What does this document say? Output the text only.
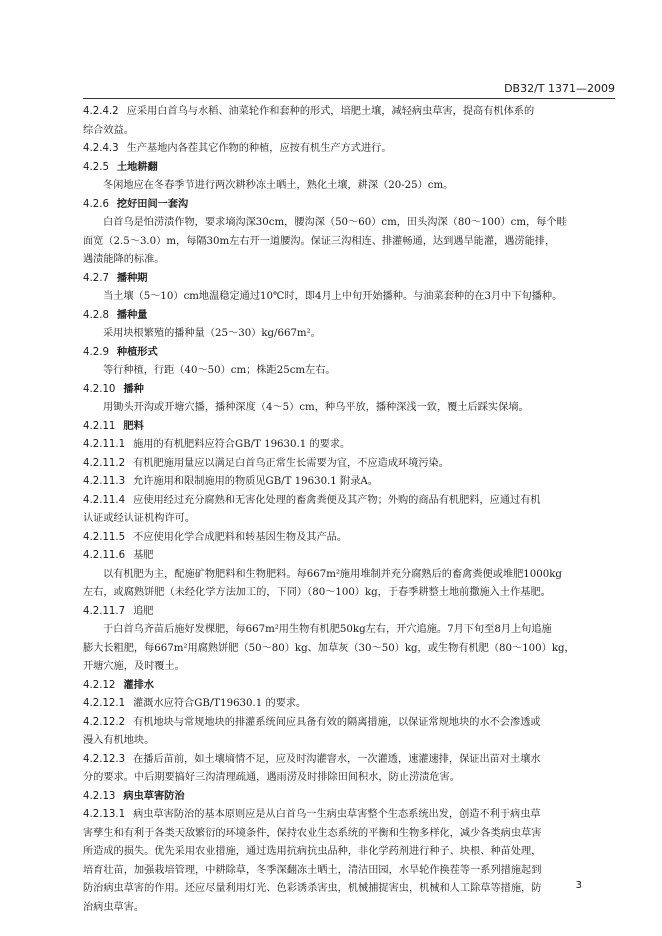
DB32/T 1371—2009
4.2.4.2 应采用白首乌与水稻、油菜轮作和套种的形式，培肥土壤，减轻病虫草害，提高有机体系的
综合效益。
4.2.4.3 生产基地内各茬其它作物的种植，应按有机生产方式进行。
4.2.5 土地耕翻
冬闲地应在冬春季节进行两次耕秒冻土晒土，熟化土壤，耕深（20-25）cm。
4.2.6 挖好田间一套沟
白首乌是怕涝渍作物，要求墒沟深30cm，腰沟深（50～60）cm，田头沟深（80～100）cm，每个畦
面宽（2.5～3.0）m，每隔30m左右开一道腰沟。保证三沟相连、排灌畅通，达到遇旱能灌，遇涝能排，
遇渍能降的标准。
4.2.7 播种期
当土壤（5～10）cm地温稳定通过10℃时，即4月上中旬开始播种。与油菜套种的在3月中下旬播种。
4.2.8 播种量
采用块根繁殖的播种量（25～30）kg/667m²。
4.2.9 种植形式
等行种植，行距（40～50）cm；株距25cm左右。
4.2.10 播种
用锄头开沟或开塘穴播，播种深度（4～5）cm，种乌平放，播种深浅一致，覆土后踩实保墒。
4.2.11 肥料
4.2.11.1 施用的有机肥料应符合GB/T 19630.1 的要求。
4.2.11.2 有机肥施用量应以满足白首乌正常生长需要为宜，不应造成环境污染。
4.2.11.3 允许施用和限制施用的物质见GB/T 19630.1 附录A。
4.2.11.4 应使用经过充分腐熟和无害化处理的畜禽粪便及其产物；外购的商品有机肥料，应通过有机
认证或经认证机构许可。
4.2.11.5 不应使用化学合成肥料和转基因生物及其产品。
4.2.11.6 基肥
以有机肥为主，配施矿物肥料和生物肥料。每667m²施用堆制并充分腐熟后的畜禽粪便或堆肥1000kg
左右，或腐熟饼肥（未经化学方法加工的，下同）（80～100）kg，于春季耕整土地前撒施入土作基肥。
4.2.11.7 追肥
于白首乌齐苗后施好发棵肥，每667m²用生物有机肥50kg左右，开穴追施。7月下旬至8月上旬追施
膨大长粗肥，每667m²用腐熟饼肥（50～80）kg、加草灰（30～50）kg，或生物有机肥（80～100）kg，
开塘穴施，及时覆土。
4.2.12 灌排水
4.2.12.1 灌溉水应符合GB/T19630.1 的要求。
4.2.12.2 有机地块与常规地块的排灌系统间应具备有效的隔离措施，以保证常规地块的水不会渗透或
漫入有机地块。
4.2.12.3 在播后苗前，如土壤墒情不足，应及时沟灌窨水，一次灌透，速灌速排，保证出苗对土壤水
分的要求。中后期要搞好三沟清理疏通，遇雨涝及时排除田间积水，防止涝渍危害。
4.2.13 病虫草害防治
4.2.13.1 病虫草害防治的基本原则应是从白首乌一生病虫草害整个生态系统出发，创造不利于病虫草
害孳生和有利于各类天敌繁衍的环境条件，保持农业生态系统的平衡和生物多样化，减少各类病虫草害
所造成的损失。优先采用农业措施，通过选用抗病抗虫品种，非化学药剂进行种子、块根、种苗处理，
培育壮苗，加强栽培管理，中耕除草，冬季深翻冻土晒土，清洁田园，水旱轮作换茬等一系列措施起到
防治病虫草害的作用。还应尽量利用灯光、色彩诱杀害虫，机械捕捉害虫，机械和人工除草等措施，防
治病虫草害。
3
